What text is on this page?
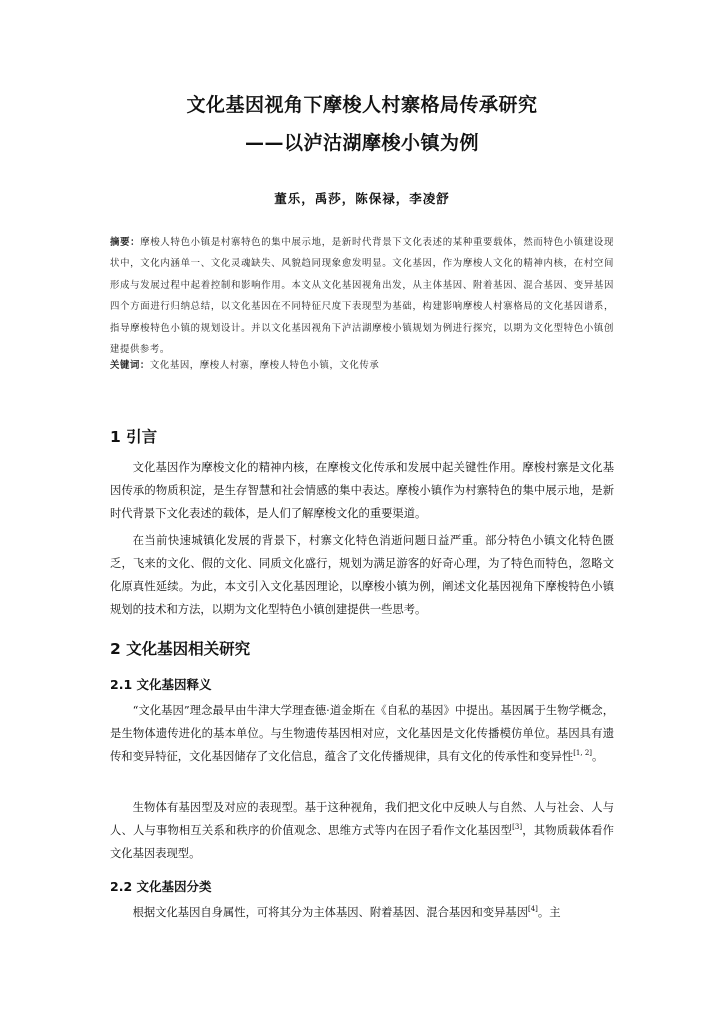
文化基因视角下摩梭人村寨格局传承研究
——以泸沽湖摩梭小镇为例
董乐，禹莎，陈保禄，李凌舒
摘要：摩梭人特色小镇是村寨特色的集中展示地，是新时代背景下文化表述的某种重要载体，然而特色小镇建设现状中，文化内涵单一、文化灵魂缺失、风貌趋同现象愈发明显。文化基因，作为摩梭人文化的精神内核，在村空间形成与发展过程中起着控制和影响作用。本文从文化基因视角出发，从主体基因、附着基因、混合基因、变异基因四个方面进行归纳总结，以文化基因在不同特征尺度下表现型为基础，构建影响摩梭人村寨格局的文化基因谱系，指导摩梭特色小镇的规划设计。并以文化基因视角下泸沽湖摩梭小镇规划为例进行探究，以期为文化型特色小镇创建提供参考。
关键词：文化基因，摩梭人村寨，摩梭人特色小镇，文化传承
1 引言
文化基因作为摩梭文化的精神内核，在摩梭文化传承和发展中起关键性作用。摩梭村寨是文化基因传承的物质积淀，是生存智慧和社会情感的集中表达。摩梭小镇作为村寨特色的集中展示地，是新时代背景下文化表述的载体，是人们了解摩梭文化的重要渠道。
在当前快速城镇化发展的背景下，村寨文化特色消逝问题日益严重。部分特色小镇文化特色匮乏，飞来的文化、假的文化、同质文化盛行，规划为满足游客的好奇心理，为了特色而特色，忽略文化原真性延续。为此，本文引入文化基因理论，以摩梭小镇为例，阐述文化基因视角下摩梭特色小镇规划的技术和方法，以期为文化型特色小镇创建提供一些思考。
2 文化基因相关研究
2.1 文化基因释义
“文化基因”理念最早由牛津大学理查德·道金斯在《自私的基因》中提出。基因属于生物学概念，是生物体遗传进化的基本单位。与生物遗传基因相对应，文化基因是文化传播模仿单位。基因具有遗传和变异特征，文化基因储存了文化信息，蕴含了文化传播规律，具有文化的传承性和变异性[1, 2]。
生物体有基因型及对应的表现型。基于这种视角，我们把文化中反映人与自然、人与社会、人与人、人与事物相互关系和秩序的价值观念、思维方式等内在因子看作文化基因型[3]，其物质载体看作文化基因表现型。
2.2 文化基因分类
根据文化基因自身属性，可将其分为主体基因、附着基因、混合基因和变异基因[4]。主
